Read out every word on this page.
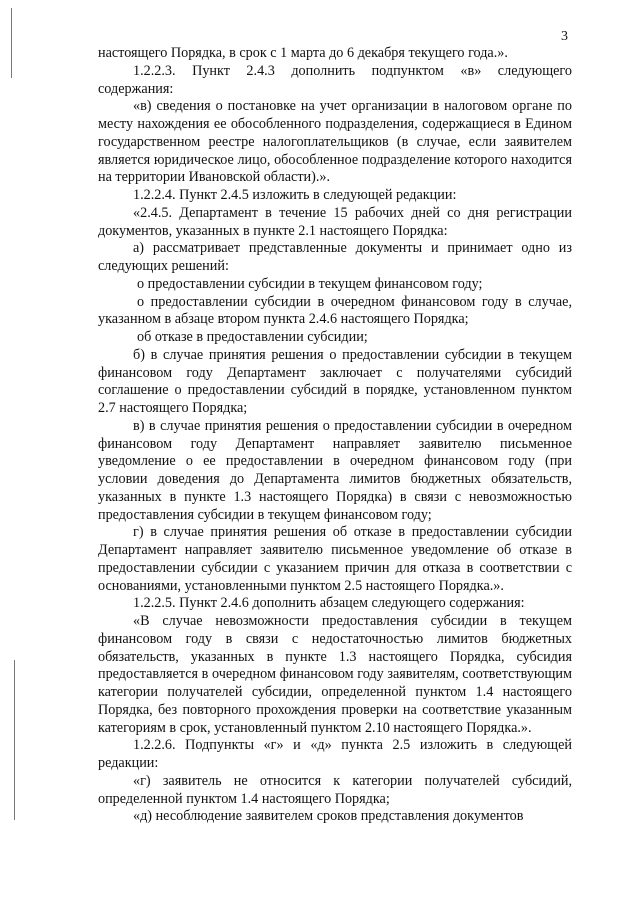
3

настоящего Порядка, в срок с 1 марта до 6 декабря текущего года.».

1.2.2.3. Пункт 2.4.3 дополнить подпунктом «в» следующего содержания:

«в) сведения о постановке на учет организации в налоговом органе по месту нахождения ее обособленного подразделения, содержащиеся в Едином государственном реестре налогоплательщиков (в случае, если заявителем является юридическое лицо, обособленное подразделение которого находится на территории Ивановской области).».

1.2.2.4. Пункт 2.4.5 изложить в следующей редакции:

«2.4.5. Департамент в течение 15 рабочих дней со дня регистрации документов, указанных в пункте 2.1 настоящего Порядка:

а) рассматривает представленные документы и принимает одно из следующих решений:

о предоставлении субсидии в текущем финансовом году;

о предоставлении субсидии в очередном финансовом году в случае, указанном в абзаце втором пункта 2.4.6 настоящего Порядка;

об отказе в предоставлении субсидии;

б) в случае принятия решения о предоставлении субсидии в текущем финансовом году Департамент заключает с получателями субсидий соглашение о предоставлении субсидий в порядке, установленном пунктом 2.7 настоящего Порядка;

в) в случае принятия решения о предоставлении субсидии в очередном финансовом году Департамент направляет заявителю письменное уведомление о ее предоставлении в очередном финансовом году (при условии доведения до Департамента лимитов бюджетных обязательств, указанных в пункте 1.3 настоящего Порядка) в связи с невозможностью предоставления субсидии в текущем финансовом году;

г) в случае принятия решения об отказе в предоставлении субсидии Департамент направляет заявителю письменное уведомление об отказе в предоставлении субсидии с указанием причин для отказа в соответствии с основаниями, установленными пунктом 2.5 настоящего Порядка.».

1.2.2.5. Пункт 2.4.6 дополнить абзацем следующего содержания:

«В случае невозможности предоставления субсидии в текущем финансовом году в связи с недостаточностью лимитов бюджетных обязательств, указанных в пункте 1.3 настоящего Порядка, субсидия предоставляется в очередном финансовом году заявителям, соответствующим категории получателей субсидии, определенной пунктом 1.4 настоящего Порядка, без повторного прохождения проверки на соответствие указанным категориям в срок, установленный пунктом 2.10 настоящего Порядка.».

1.2.2.6. Подпункты «г» и «д» пункта 2.5 изложить в следующей редакции:

«г) заявитель не относится к категории получателей субсидий, определенной пунктом 1.4 настоящего Порядка;

«д) несоблюдение заявителем сроков представления документов
